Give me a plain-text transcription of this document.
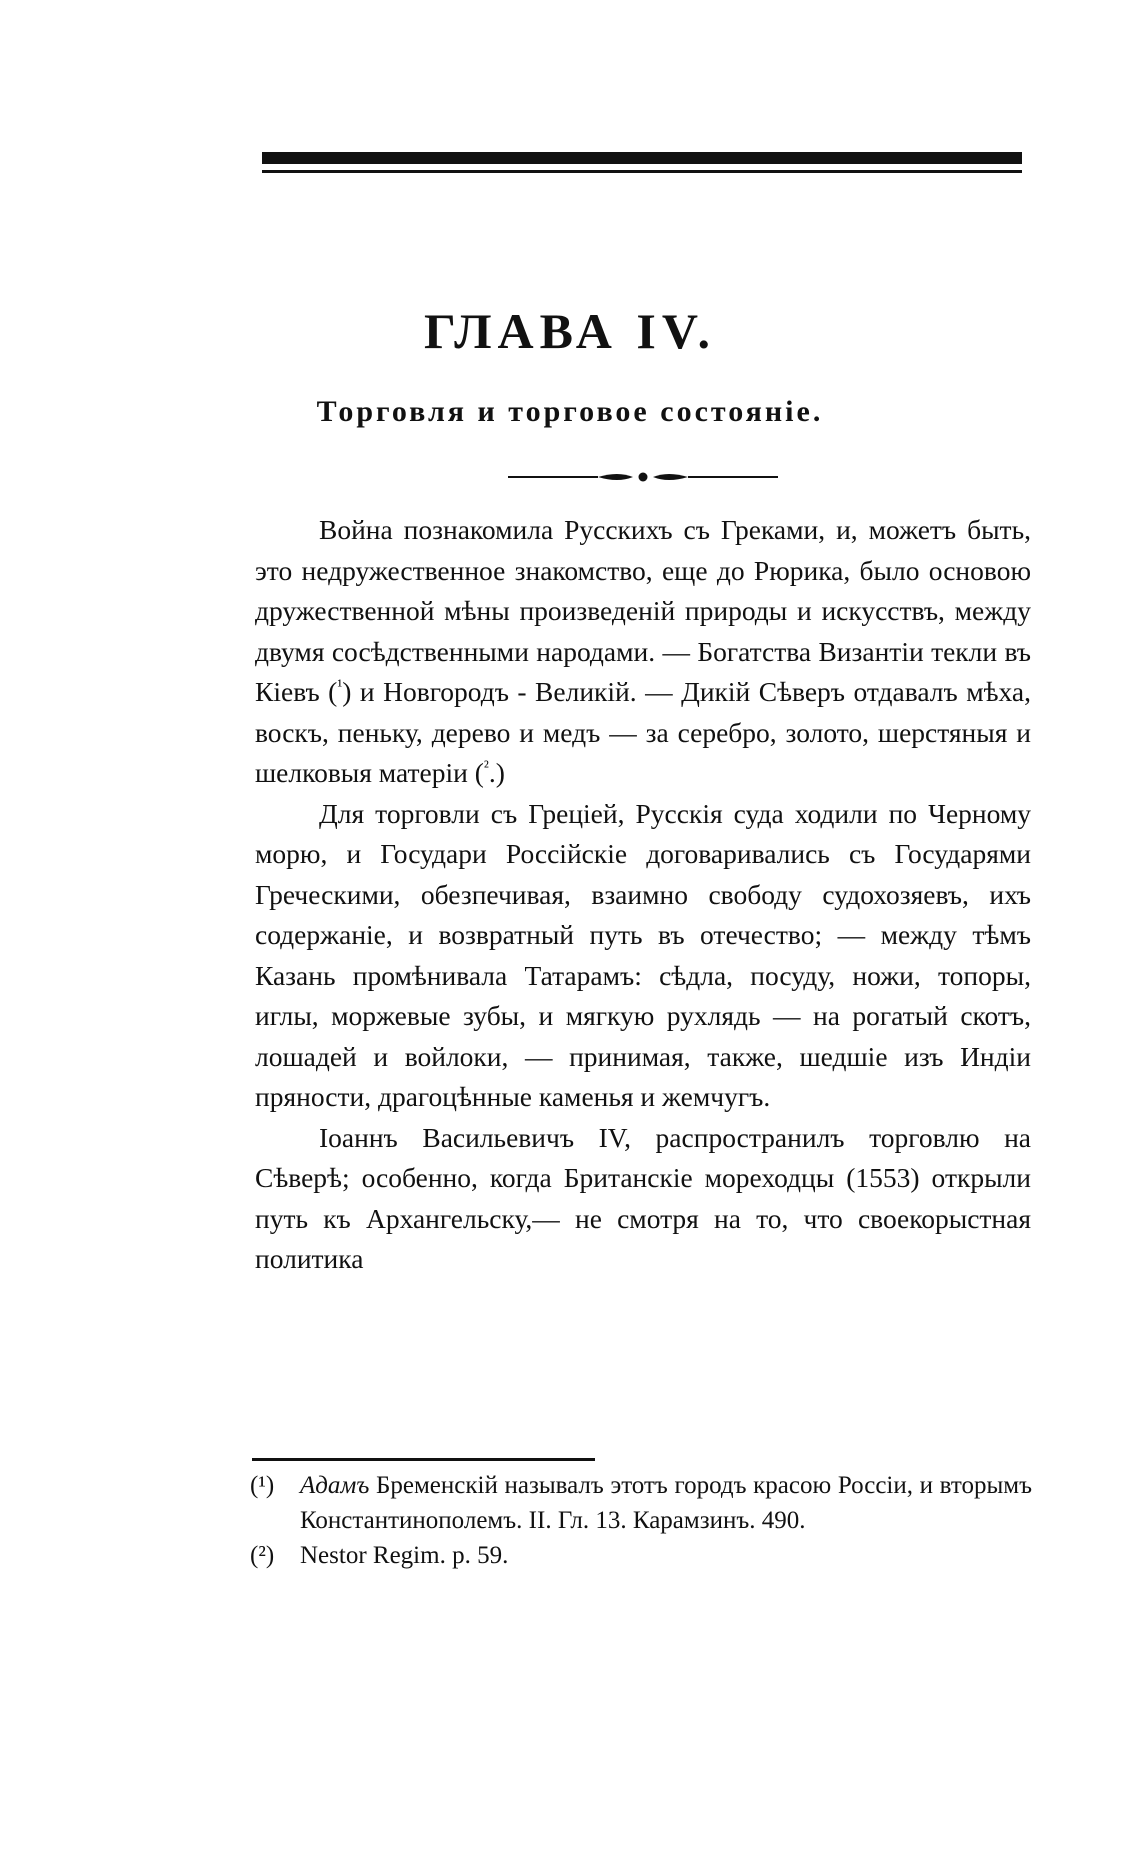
ГЛАВА IV.
Торговля и торговое состояніе.

Война познакомила Русскихъ съ Греками, и, можетъ быть, это недружественное знакомство, еще до Рюрика, было основою дружественной мѣны произведеній природы и искусствъ, между двумя сосѣдственными народами. — Богатства Византіи текли въ Кіевъ ($^{^1}$) и Новгородъ - Великій. — Дикій Сѣверъ отдавалъ мѣха, воскъ, пеньку, дерево и медъ — за серебро, золото, шерстяныя и шелковыя матеріи ($^{^2}$.)

Для торговли съ Греціей, Русскія суда ходили по Черному морю, и Государи Россійскіе договаривались съ Государями Греческими, обезпечивая, взаимно свободу судохозяевъ, ихъ содержаніе, и возвратный путь въ отечество; — между тѣмъ Казань промѣнивала Татарамъ: сѣдла, посуду, ножи, топоры, иглы, моржевые зубы, и мягкую рухлядь — на рогатый скотъ, лошадей и войлоки, — принимая, также, шедшіе изъ Индіи пряности, драгоцѣнные каменья и жемчугъ.

Іоаннъ Васильевичъ IV, распространилъ торговлю на Сѣверѣ; особенно, когда Британскіе мореходцы (1553) открыли путь къ Архангельску,— не смотря на то, что своекорыстная политика

(¹)	Адамъ Бременскій называлъ этотъ городъ красою Россіи, и вторымъ Константинополемъ. II. Гл. 13. Карамзинъ. 490.
(²)	Nestor Regim. p. 59.
